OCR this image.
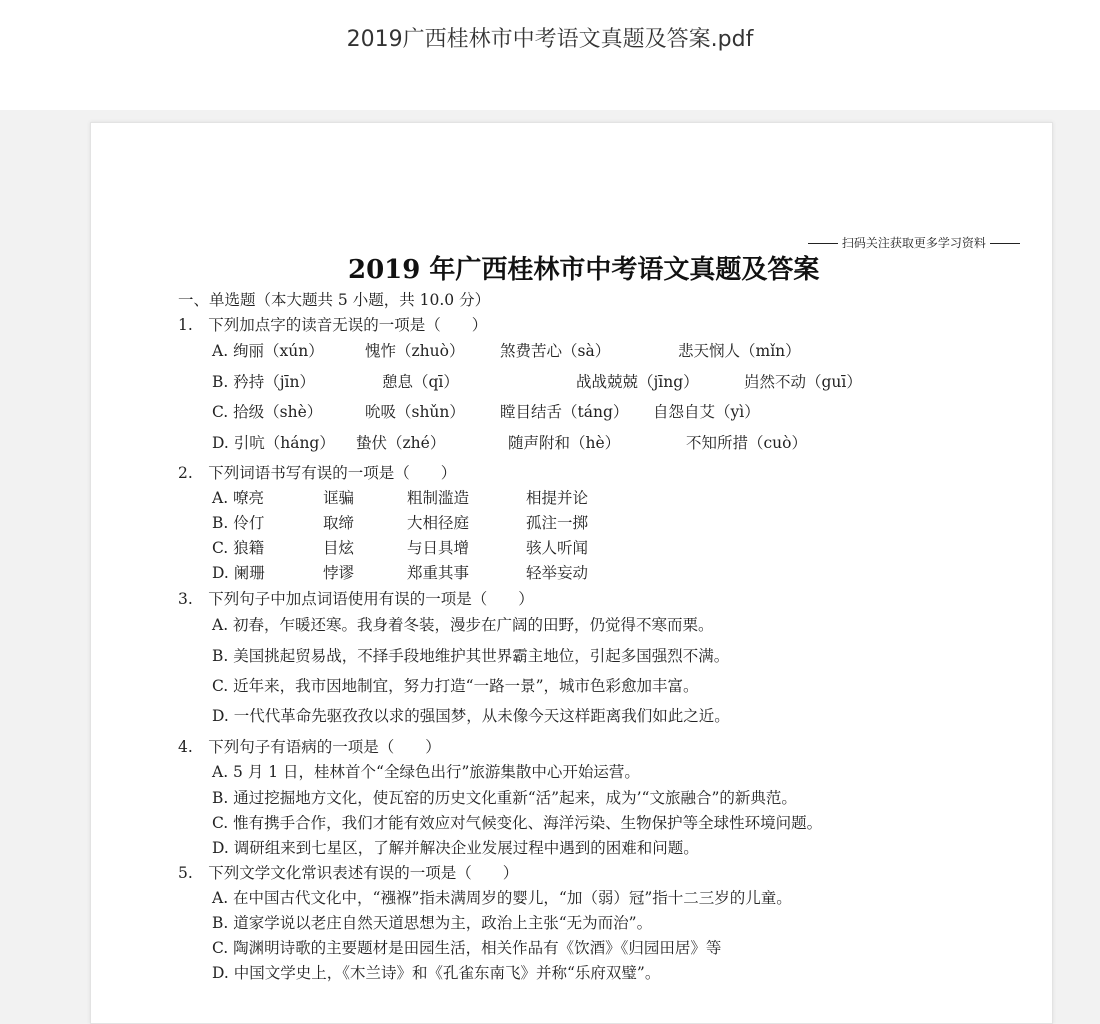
2019广西桂林市中考语文真题及答案.pdf
扫码关注获取更多学习资料
2019 年广西桂林市中考语文真题及答案
一、单选题（本大题共 5 小题，共 10.0 分）
1.　下列加点字的读音无误的一项是（　　）
A. 绚丽（xún）	愧怍（zhuò） 煞费苦心（sà）	悲天悯人（mǐn）
B. 矜持（jīn）	憩息（qī）	战战兢兢（jīng）	岿然不动（guī）
C. 拾级（shè）	吮吸（shǔn） 瞠目结舌（táng） 自怨自艾（yì）
D. 引吭（háng） 蛰伏（zhé）	随声附和（hè）	不知所措（cuò）
2.　下列词语书写有误的一项是（　　）
A. 嘹亮	诓骗	粗制滥造	相提并论
B. 伶仃	取缔	大相径庭	孤注一掷
C. 狼籍	目炫	与日具增	骇人听闻
D. 阑珊	悖谬	郑重其事	轻举妄动
3.　下列句子中加点词语使用有误的一项是（　　）
A. 初春，乍暖还寒。我身着冬装，漫步在广阔的田野，仍觉得不寒而栗。
B. 美国挑起贸易战，不择手段地维护其世界霸主地位，引起多国强烈不满。
C. 近年来，我市因地制宜，努力打造“一路一景”，城市色彩愈加丰富。
D. 一代代革命先驱孜孜以求的强国梦，从未像今天这样距离我们如此之近。
4.　下列句子有语病的一项是（　　）
A. 5 月 1 日，桂林首个“全绿色出行”旅游集散中心开始运营。
B. 通过挖掘地方文化，使瓦窑的历史文化重新“活”起来，成为’“文旅融合”的新典范。
C. 惟有携手合作，我们才能有效应对气候变化、海洋污染、生物保护等全球性环境问题。
D. 调研组来到七星区，了解并解决企业发展过程中遇到的困难和问题。
5.　下列文学文化常识表述有误的一项是（　　）
A. 在中国古代文化中，“襁褓”指未满周岁的婴儿，“加（弱）冠”指十二三岁的儿童。
B. 道家学说以老庄自然天道思想为主，政治上主张“无为而治”。
C. 陶渊明诗歌的主要题材是田园生活，相关作品有《饮酒》《归园田居》等
D. 中国文学史上，《木兰诗》和《孔雀东南飞》并称“乐府双璧”。
